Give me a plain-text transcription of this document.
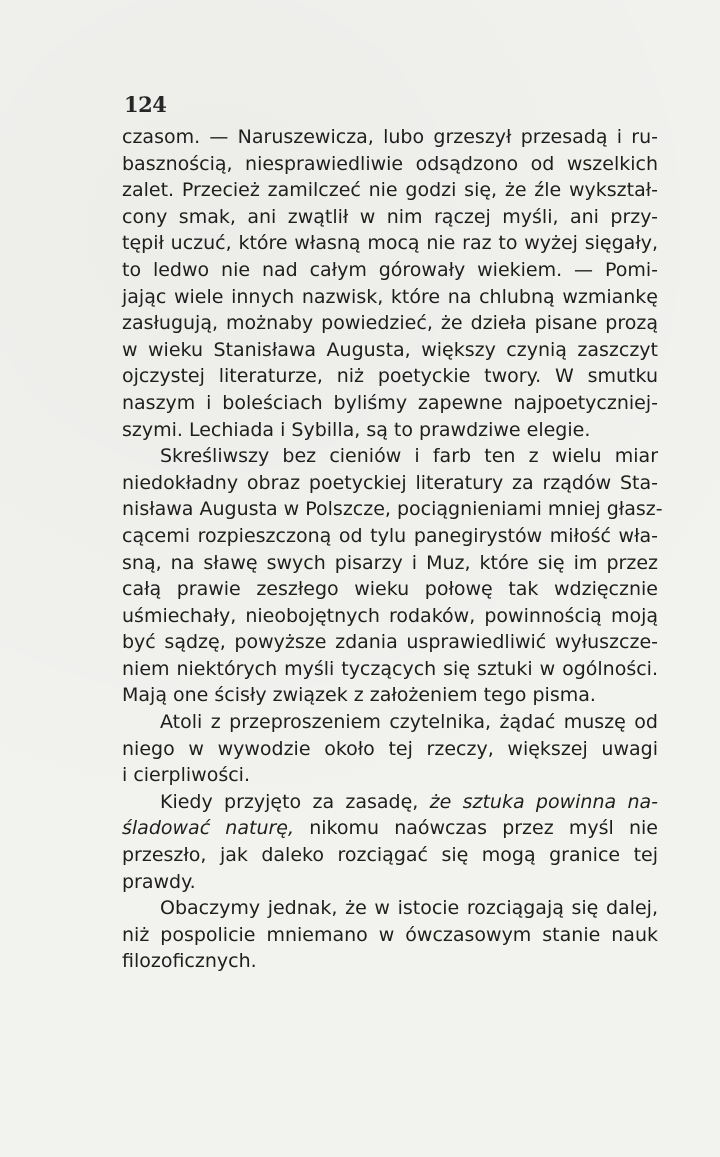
124
czasom. — Naruszewicza, lubo grzeszył przesadą i ru-
basznością, niesprawiedliwie odsądzono od wszelkich
zalet. Przecież zamilczeć nie godzi się, że źle wykształ-
cony smak, ani zwątlił w nim rączej myśli, ani przy-
tępił uczuć, które własną mocą nie raz to wyżej sięgały,
to ledwo nie nad całym górowały wiekiem. — Pomi-
jając wiele innych nazwisk, które na chlubną wzmiankę
zasługują, możnaby powiedzieć, że dzieła pisane prozą
w wieku Stanisława Augusta, większy czynią zaszczyt
ojczystej literaturze, niż poetyckie twory. W smutku
naszym i boleściach byliśmy zapewne najpoetyczniej-
szymi. Lechiada i Sybilla, są to prawdziwe elegie.
Skreśliwszy bez cieniów i farb ten z wielu miar
niedokładny obraz poetyckiej literatury za rządów Sta-
nisława Augusta w Polszcze, pociągnieniami mniej głasz-
cącemi rozpieszczoną od tylu panegirystów miłość wła-
sną, na sławę swych pisarzy i Muz, które się im przez
całą prawie zeszłego wieku połowę tak wdzięcznie
uśmiechały, nieobojętnych rodaków, powinnością moją
być sądzę, powyższe zdania usprawiedliwić wyłuszcze-
niem niektórych myśli tyczących się sztuki w ogólności.
Mają one ścisły związek z założeniem tego pisma.
Atoli z przeproszeniem czytelnika, żądać muszę od
niego w wywodzie około tej rzeczy, większej uwagi
i cierpliwości.
Kiedy przyjęto za zasadę, że sztuka powinna na-
śladować naturę, nikomu naówczas przez myśl nie
przeszło, jak daleko rozciągać się mogą granice tej
prawdy.
Obaczymy jednak, że w istocie rozciągają się dalej,
niż pospolicie mniemano w ówczasowym stanie nauk
filozoficznych.
